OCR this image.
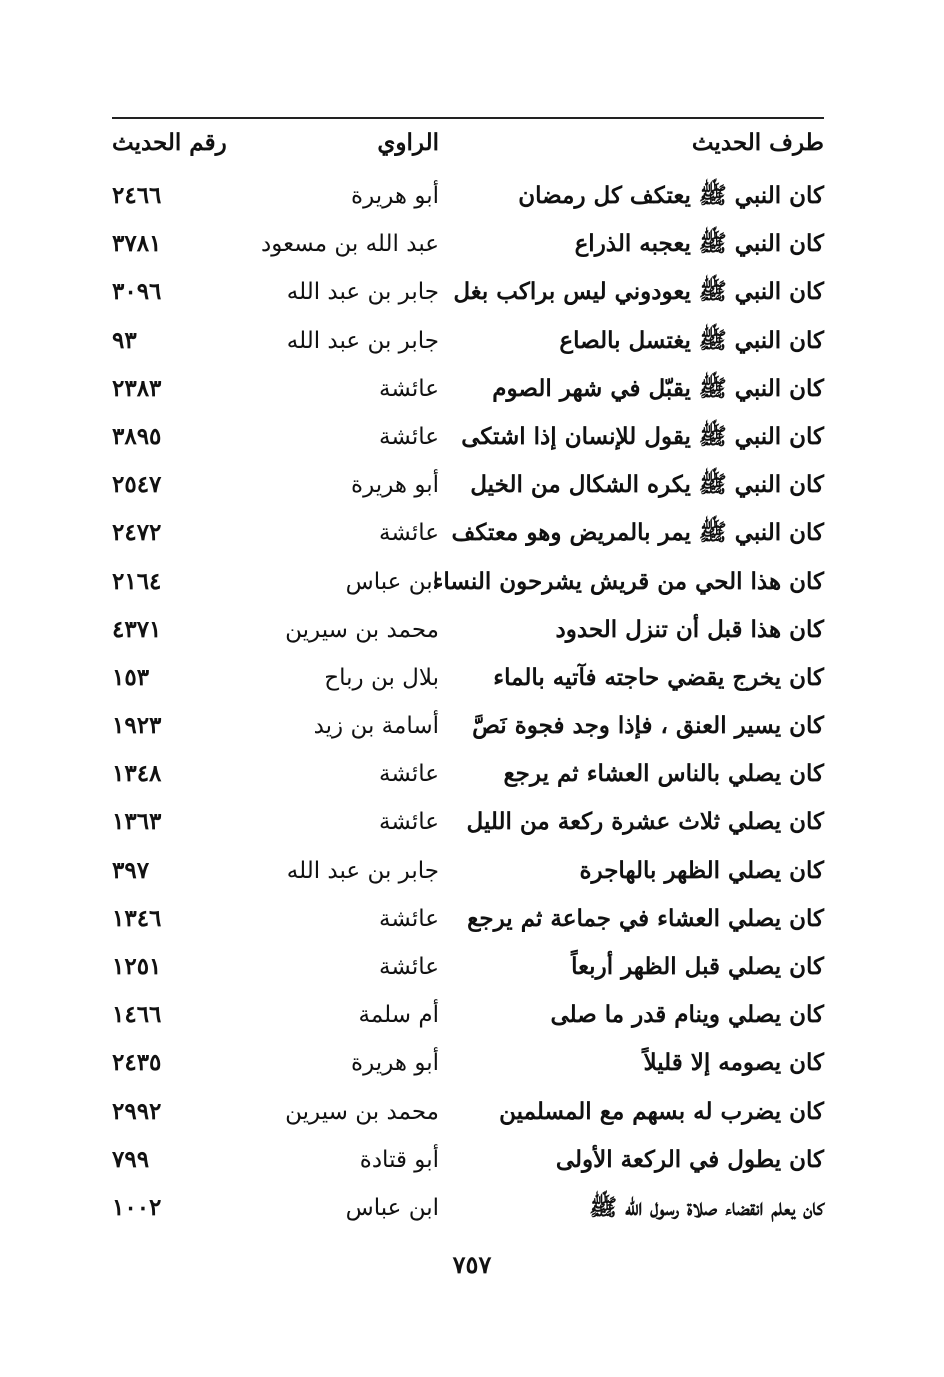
طرف الحديث
الراوي
رقم الحديث
كان النبي ﷺ يعتكف كل رمضان
أبو هريرة
٢٤٦٦
كان النبي ﷺ يعجبه الذراع
عبد الله بن مسعود
٣٧٨١
كان النبي ﷺ يعودوني ليس براكب بغل
جابر بن عبد الله
٣٠٩٦
كان النبي ﷺ يغتسل بالصاع
جابر بن عبد الله
٩٣
كان النبي ﷺ يقبّل في شهر الصوم
عائشة
٢٣٨٣
كان النبي ﷺ يقول للإنسان إذا اشتكى
عائشة
٣٨٩٥
كان النبي ﷺ يكره الشكال من الخيل
أبو هريرة
٢٥٤٧
كان النبي ﷺ يمر بالمريض وهو معتكف
عائشة
٢٤٧٢
كان هذا الحي من قريش يشرحون النساء
ابن عباس
٢١٦٤
كان هذا قبل أن تنزل الحدود
محمد بن سيرين
٤٣٧١
كان يخرج يقضي حاجته فآتيه بالماء
بلال بن رباح
١٥٣
كان يسير العنق ، فإذا وجد فجوة نَصَّ
أسامة بن زيد
١٩٢٣
كان يصلي بالناس العشاء ثم يرجع
عائشة
١٣٤٨
كان يصلي ثلاث عشرة ركعة من الليل
عائشة
١٣٦٣
كان يصلي الظهر بالهاجرة
جابر بن عبد الله
٣٩٧
كان يصلي العشاء في جماعة ثم يرجع
عائشة
١٣٤٦
كان يصلي قبل الظهر أربعاً
عائشة
١٢٥١
كان يصلي وينام قدر ما صلى
أم سلمة
١٤٦٦
كان يصومه إلا قليلاً
أبو هريرة
٢٤٣٥
كان يضرب له بسهم مع المسلمين
محمد بن سيرين
٢٩٩٢
كان يطول في الركعة الأولى
أبو قتادة
٧٩٩
كان يعلم انقضاء صلاة رسول الله ﷺ
ابن عباس
١٠٠٢
٧٥٧
